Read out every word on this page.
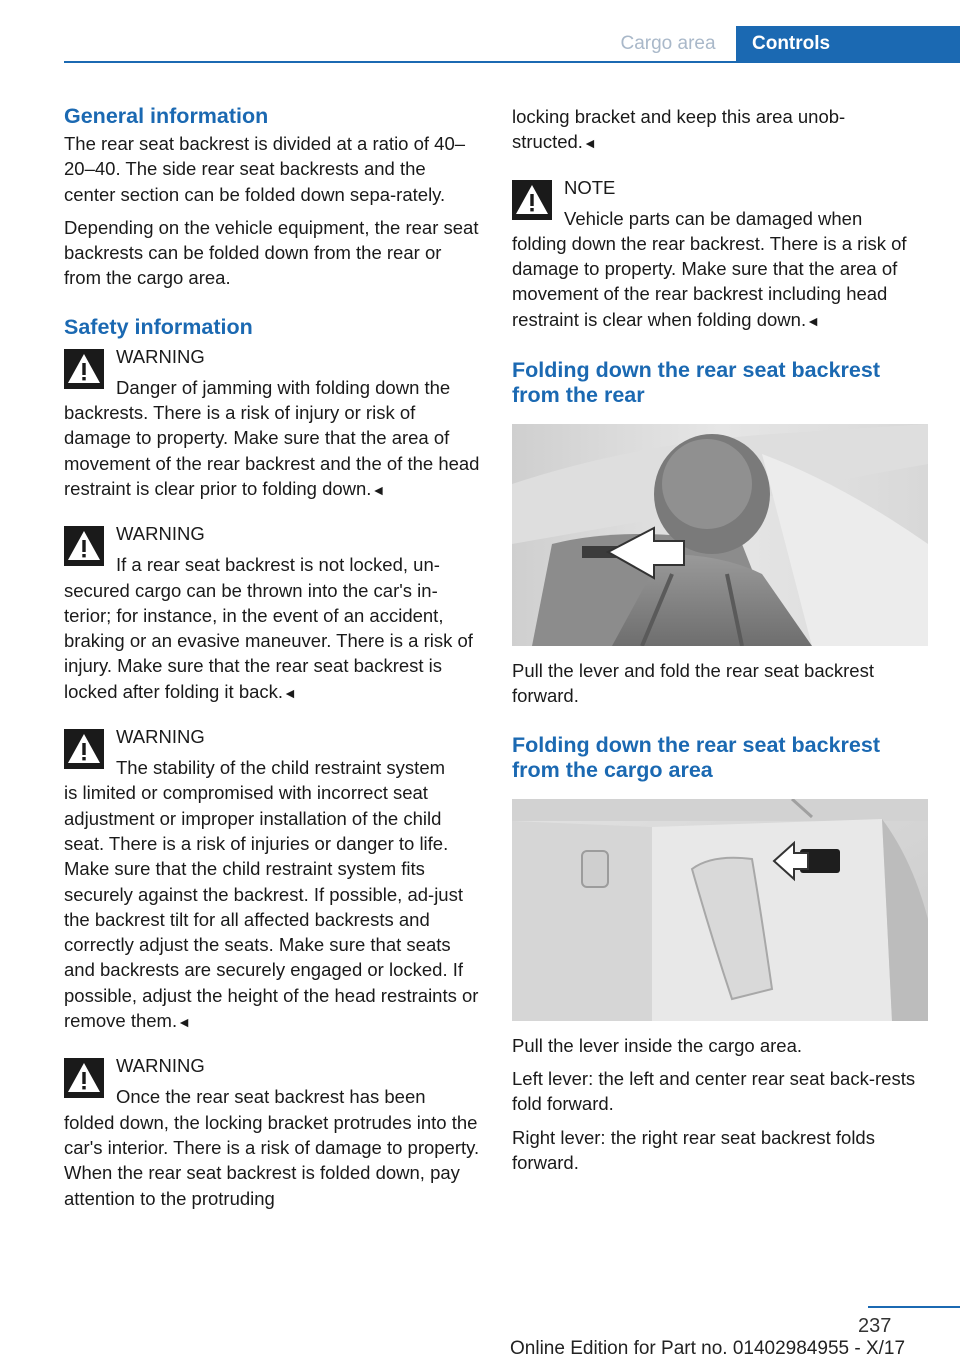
Cargo area	Controls
General information

The rear seat backrest is divided at a ratio of 40–20–40. The side rear seat backrests and the center section can be folded down sepa-rately.

Depending on the vehicle equipment, the rear seat backrests can be folded down from the rear or from the cargo area.

Safety information
WARNING

Danger of jamming with folding down the

backrests. There is a risk of injury or risk of damage to property. Make sure that the area of movement of the rear backrest and the of the head restraint is clear prior to folding down.◄

WARNING

If a rear seat backrest is not locked, un-

secured cargo can be thrown into the car's in-terior; for instance, in the event of an accident, braking or an evasive maneuver. There is a risk of injury. Make sure that the rear seat backrest is locked after folding it back.◄

WARNING

The stability of the child restraint system

is limited or compromised with incorrect seat adjustment or improper installation of the child seat. There is a risk of injuries or danger to life. Make sure that the child restraint system fits securely against the backrest. If possible, ad-just the backrest tilt for all affected backrests and correctly adjust the seats. Make sure that seats and backrests are securely engaged or locked. If possible, adjust the height of the head restraints or remove them.◄

WARNING

Once the rear seat backrest has been

folded down, the locking bracket protrudes into the car's interior. There is a risk of damage to property. When the rear seat backrest is folded down, pay attention to the protruding

locking bracket and keep this area unob-structed.◄

NOTE

Vehicle parts can be damaged when

folding down the rear backrest. There is a risk of damage to property. Make sure that the area of movement of the rear backrest including head restraint is clear when folding down.◄

Folding down the rear seat backrest from the rear

Pull the lever and fold the rear seat backrest forward.

Folding down the rear seat backrest from the cargo area

Pull the lever inside the cargo area.

Left lever: the left and center rear seat back-rests fold forward.

Right lever: the right rear seat backrest folds forward.

237
Online Edition for Part no. 01402984955 - X/17
